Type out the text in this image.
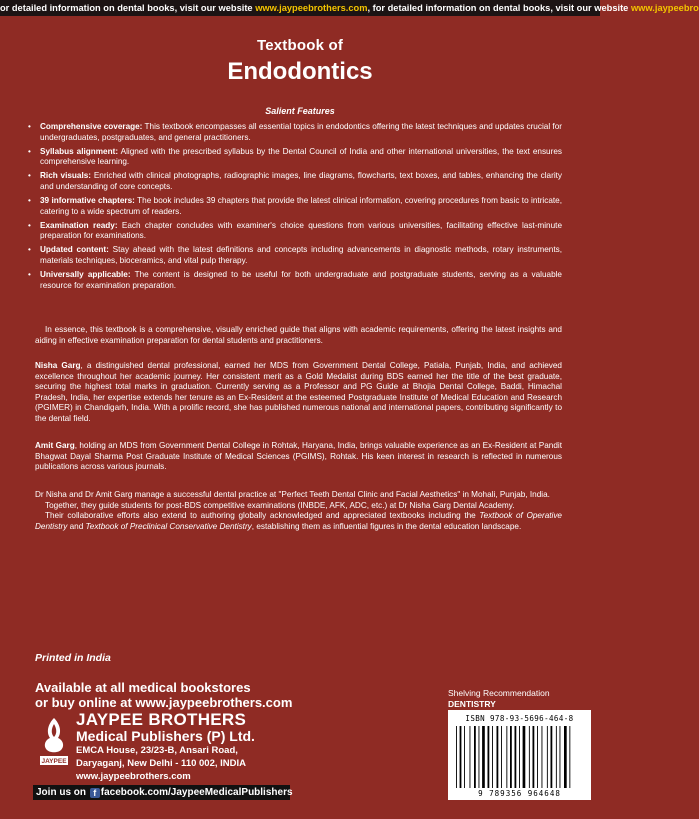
or detailed information on dental books, visit our website www.jaypeebrothers.com, for detailed information on dental books, visit our website www.jaypeebro
Textbook of
Endodontics
Salient Features
• Comprehensive coverage: This textbook encompasses all essential topics in endodontics offering the latest techniques and updates crucial for undergraduates, postgraduates, and general practitioners.
• Syllabus alignment: Aligned with the prescribed syllabus by the Dental Council of India and other international universities, the text ensures comprehensive learning.
• Rich visuals: Enriched with clinical photographs, radiographic images, line diagrams, flowcharts, text boxes, and tables, enhancing the clarity and understanding of core concepts.
• 39 informative chapters: The book includes 39 chapters that provide the latest clinical information, covering procedures from basic to intricate, catering to a wide spectrum of readers.
• Examination ready: Each chapter concludes with examiner's choice questions from various universities, facilitating effective last-minute preparation for examinations.
• Updated content: Stay ahead with the latest definitions and concepts including advancements in diagnostic methods, rotary instruments, materials techniques, bioceramics, and vital pulp therapy.
• Universally applicable: The content is designed to be useful for both undergraduate and postgraduate students, serving as a valuable resource for examination preparation.
In essence, this textbook is a comprehensive, visually enriched guide that aligns with academic requirements, offering the latest insights and aiding in effective examination preparation for dental students and practitioners.
Nisha Garg, a distinguished dental professional, earned her MDS from Government Dental College, Patiala, Punjab, India, and achieved excellence throughout her academic journey. Her consistent merit as a Gold Medalist during BDS earned her the title of the best graduate, securing the highest total marks in graduation. Currently serving as a Professor and PG Guide at Bhojia Dental College, Baddi, Himachal Pradesh, India, her expertise extends her tenure as an Ex-Resident at the esteemed Postgraduate Institute of Medical Education and Research (PGIMER) in Chandigarh, India. With a prolific record, she has published numerous national and international papers, contributing significantly to the dental field.
Amit Garg, holding an MDS from Government Dental College in Rohtak, Haryana, India, brings valuable experience as an Ex-Resident at Pandit Bhagwat Dayal Sharma Post Graduate Institute of Medical Sciences (PGIMS), Rohtak. His keen interest in research is reflected in numerous publications across various journals.
Dr Nisha and Dr Amit Garg manage a successful dental practice at "Perfect Teeth Dental Clinic and Facial Aesthetics" in Mohali, Punjab, India.
Together, they guide students for post-BDS competitive examinations (INBDE, AFK, ADC, etc.) at Dr Nisha Garg Dental Academy.
Their collaborative efforts also extend to authoring globally acknowledged and appreciated textbooks including the Textbook of Operative Dentistry and Textbook of Preclinical Conservative Dentistry, establishing them as influential figures in the dental education landscape.
Printed in India
Available at all medical bookstores
or buy online at www.jaypeebrothers.com
JAYPEE
JAYPEE BROTHERS
Medical Publishers (P) Ltd.
EMCA House, 23/23-B, Ansari Road,
Daryaganj, New Delhi - 110 002, INDIA
www.jaypeebrothers.com
Join us on f facebook.com/JaypeeMedicalPublishers
Shelving Recommendation
DENTISTRY
ISBN 978-93-5696-464-8
9 789356 964648
